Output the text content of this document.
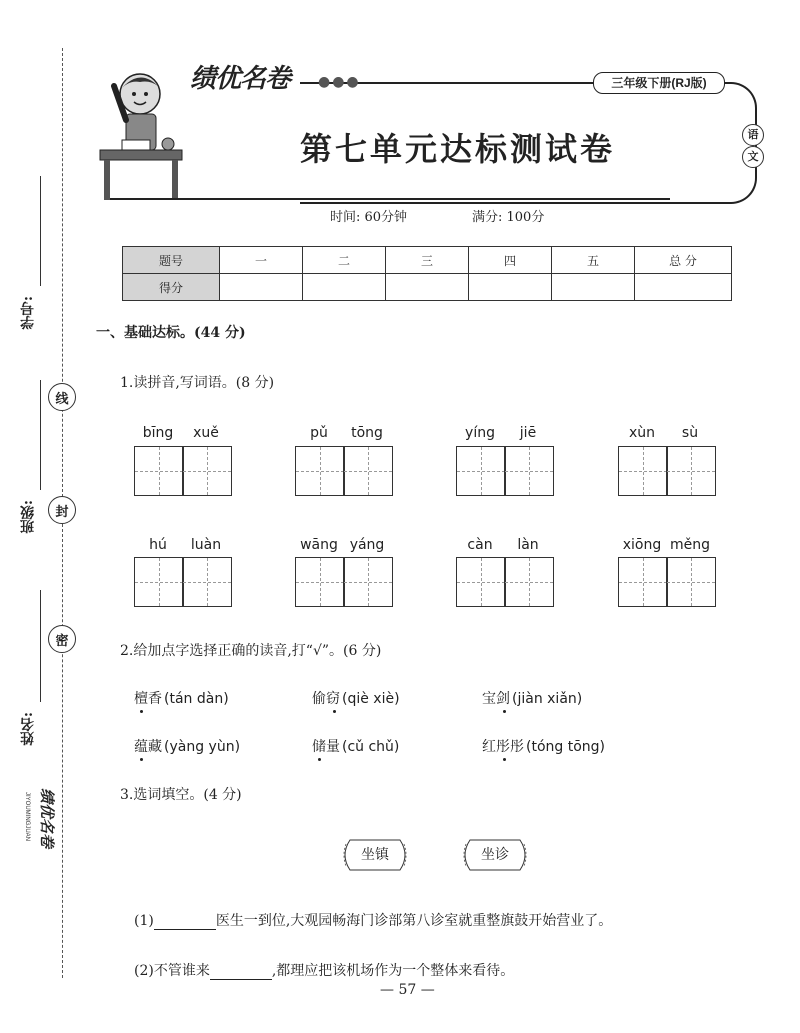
学号:
线
班级:	封
密
姓名:
绩优名卷
JIYOUMINGJUAN
绩优名卷 ●●●	三年级下册(RJ版)
第七单元达标测试卷	语
文
时间: 60分钟	满分: 100分
题号	一	二	三	四	五	总 分
得分						
一、基础达标。(44 分)
1.读拼音,写词语。(8 分)
bīng	xuě	pǔ	tōng	yíng	jiē	xùn	sù
hú	luàn	wāng yáng	càn	làn	xiōng měng
2.给加点字选择正确的读音,打“√”。(6 分)
檀香 (tán dàn)	偷窃 (qiè xiè)	宝剑 (jiàn xiǎn)
蕴藏 (yàng yùn)	储量 (cǔ chǔ)	红彤彤 (tóng tōng)
3.选词填空。(4 分)
坐镇	坐诊
(1)	医生一到位,大观园畅海门诊部第八诊室就重整旗鼓开始营业了。
(2)不管谁来	,都理应把该机场作为一个整体来看待。
— 57 —
